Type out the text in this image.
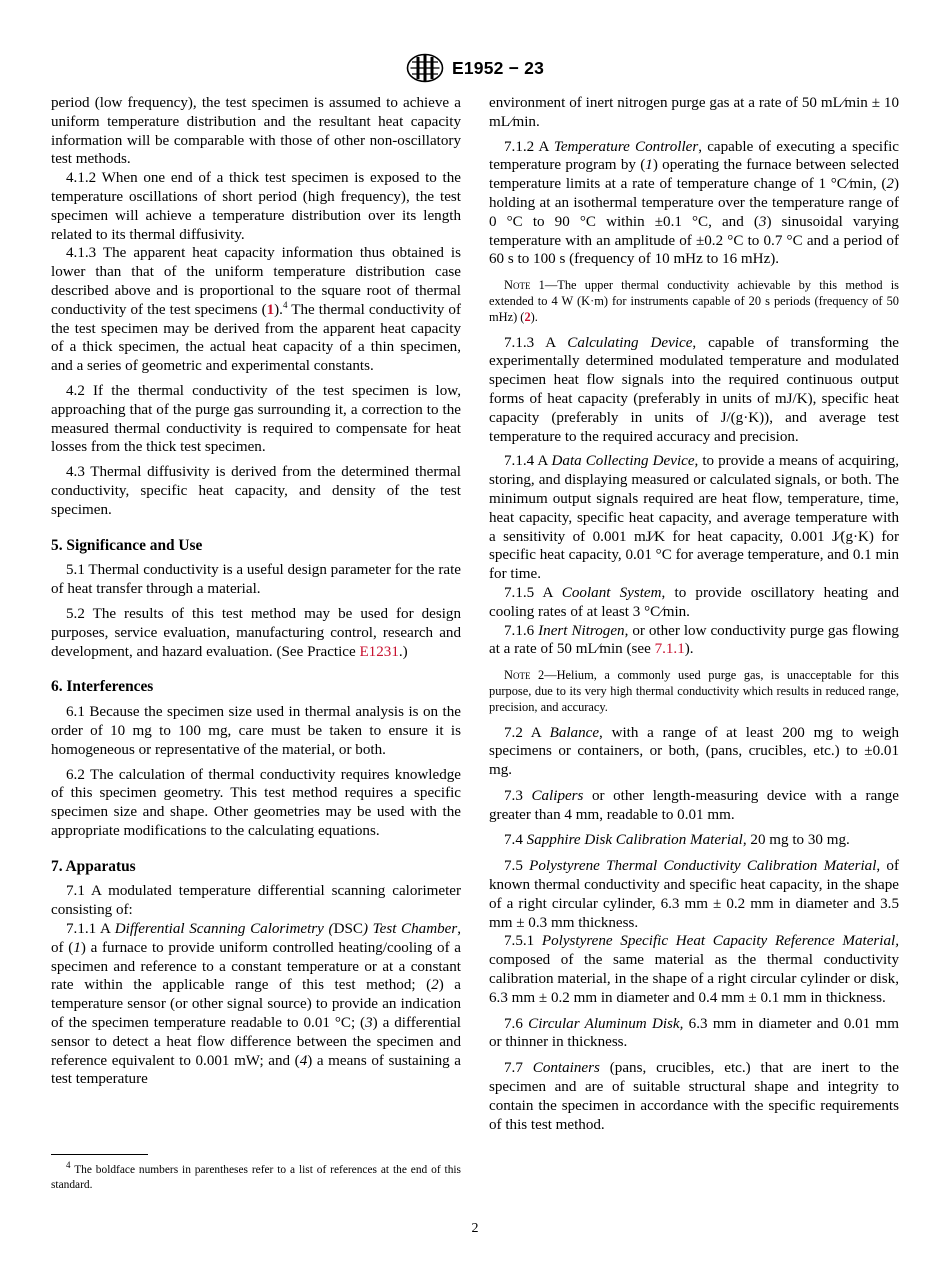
E1952 − 23

period (low frequency), the test specimen is assumed to achieve a uniform temperature distribution and the resultant heat capacity information will be comparable with those of other non-oscillatory test methods.

4.1.2 When one end of a thick test specimen is exposed to the temperature oscillations of short period (high frequency), the test specimen will achieve a temperature distribution over its length related to its thermal diffusivity.

4.1.3 The apparent heat capacity information thus obtained is lower than that of the uniform temperature distribution case described above and is proportional to the square root of thermal conductivity of the test specimens (1).$^4$ The thermal conductivity of the test specimen may be derived from the apparent heat capacity of a thick specimen, the actual heat capacity of a thin specimen, and a series of geometric and experimental constants.

4.2 If the thermal conductivity of the test specimen is low, approaching that of the purge gas surrounding it, a correction to the measured thermal conductivity is required to compensate for heat losses from the thick test specimen.

4.3 Thermal diffusivity is derived from the determined thermal conductivity, specific heat capacity, and density of the test specimen.

5. Significance and Use

5.1 Thermal conductivity is a useful design parameter for the rate of heat transfer through a material.

5.2 The results of this test method may be used for design purposes, service evaluation, manufacturing control, research and development, and hazard evaluation. (See Practice E1231.)

6. Interferences

6.1 Because the specimen size used in thermal analysis is on the order of 10 mg to 100 mg, care must be taken to ensure it is homogeneous or representative of the material, or both.

6.2 The calculation of thermal conductivity requires knowledge of this specimen geometry. This test method requires a specific specimen size and shape. Other geometries may be used with the appropriate modifications to the calculating equations.

7. Apparatus

7.1 A modulated temperature differential scanning calorimeter consisting of:

7.1.1 A Differential Scanning Calorimetry (DSC) Test Chamber, of (1) a furnace to provide uniform controlled heating/cooling of a specimen and reference to a constant temperature or at a constant rate within the applicable range of this test method; (2) a temperature sensor (or other signal source) to provide an indication of the specimen temperature readable to 0.01 °C; (3) a differential sensor to detect a heat flow difference between the specimen and reference equivalent to 0.001 mW; and (4) a means of sustaining a test temperature

$^4$ The boldface numbers in parentheses refer to a list of references at the end of this standard.

environment of inert nitrogen purge gas at a rate of 50 mL⁄min ± 10 mL⁄min.

7.1.2 A Temperature Controller, capable of executing a specific temperature program by (1) operating the furnace between selected temperature limits at a rate of temperature change of 1 °C⁄min, (2) holding at an isothermal temperature over the temperature range of 0 °C to 90 °C within ±0.1 °C, and (3) sinusoidal varying temperature with an amplitude of ±0.2 °C to 0.7 °C and a period of 60 s to 100 s (frequency of 10 mHz to 16 mHz).

Note 1—The upper thermal conductivity achievable by this method is extended to 4 W (K·m) for instruments capable of 20 s periods (frequency of 50 mHz) (2).

7.1.3 A Calculating Device, capable of transforming the experimentally determined modulated temperature and modulated specimen heat flow signals into the required continuous output forms of heat capacity (preferably in units of mJ/K), specific heat capacity (preferably in units of J/(g·K)), and average test temperature to the required accuracy and precision.

7.1.4 A Data Collecting Device, to provide a means of acquiring, storing, and displaying measured or calculated signals, or both. The minimum output signals required are heat flow, temperature, time, heat capacity, specific heat capacity, and average temperature with a sensitivity of 0.001 mJ⁄K for heat capacity, 0.001 J⁄(g·K) for specific heat capacity, 0.01 °C for average temperature, and 0.1 min for time.

7.1.5 A Coolant System, to provide oscillatory heating and cooling rates of at least 3 °C⁄min.

7.1.6 Inert Nitrogen, or other low conductivity purge gas flowing at a rate of 50 mL⁄min (see 7.1.1).

Note 2—Helium, a commonly used purge gas, is unacceptable for this purpose, due to its very high thermal conductivity which results in reduced range, precision, and accuracy.

7.2 A Balance, with a range of at least 200 mg to weigh specimens or containers, or both, (pans, crucibles, etc.) to ±0.01 mg.

7.3 Calipers or other length-measuring device with a range greater than 4 mm, readable to 0.01 mm.

7.4 Sapphire Disk Calibration Material, 20 mg to 30 mg.

7.5 Polystyrene Thermal Conductivity Calibration Material, of known thermal conductivity and specific heat capacity, in the shape of a right circular cylinder, 6.3 mm ± 0.2 mm in diameter and 3.5 mm ± 0.3 mm thickness.

7.5.1 Polystyrene Specific Heat Capacity Reference Material, composed of the same material as the thermal conductivity calibration material, in the shape of a right circular cylinder or disk, 6.3 mm ± 0.2 mm in diameter and 0.4 mm ± 0.1 mm in thickness.

7.6 Circular Aluminum Disk, 6.3 mm in diameter and 0.01 mm or thinner in thickness.

7.7 Containers (pans, crucibles, etc.) that are inert to the specimen and are of suitable structural shape and integrity to contain the specimen in accordance with the specific requirements of this test method.

2
